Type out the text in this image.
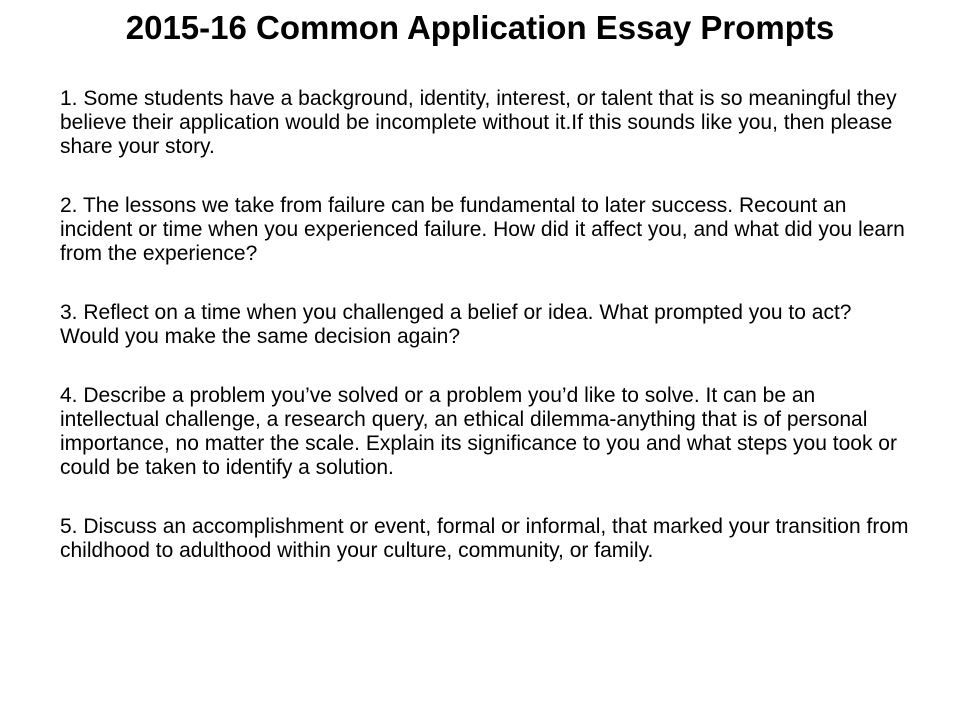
2015-16 Common Application Essay Prompts
1. Some students have a background, identity, interest, or talent that is so meaningful they believe their application would be incomplete without it.If this sounds like you, then please share your story.
2. The lessons we take from failure can be fundamental to later success. Recount an incident or time when you experienced failure. How did it affect you, and what did you learn from the experience?
3. Reflect on a time when you challenged a belief or idea. What prompted you to act? Would you make the same decision again?
4. Describe a problem you’ve solved or a problem you’d like to solve. It can be an intellectual challenge, a research query, an ethical dilemma-anything that is of personal importance, no matter the scale. Explain its significance to you and what steps you took or could be taken to identify a solution.
5. Discuss an accomplishment or event, formal or informal, that marked your transition from childhood to adulthood within your culture, community, or family.
